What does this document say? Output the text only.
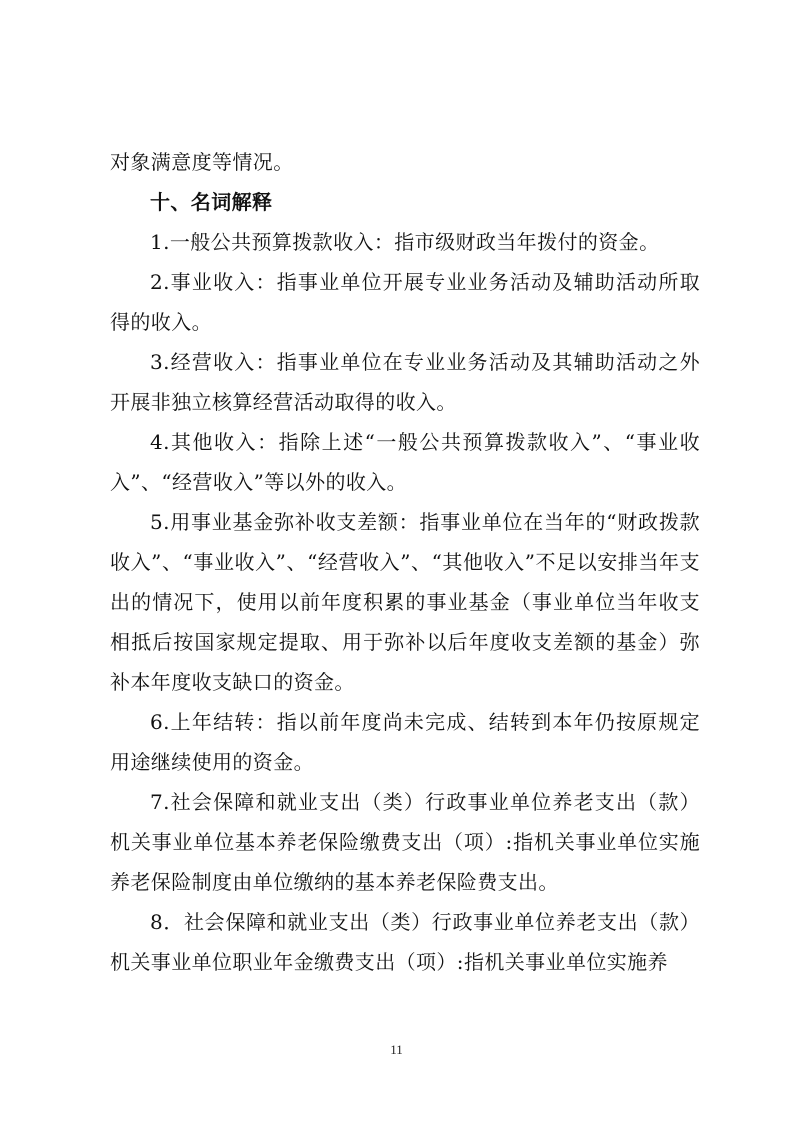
对象满意度等情况。

十、名词解释

1.一般公共预算拨款收入：指市级财政当年拨付的资金。

2.事业收入：指事业单位开展专业业务活动及辅助活动所取得的收入。

3.经营收入：指事业单位在专业业务活动及其辅助活动之外开展非独立核算经营活动取得的收入。

4.其他收入：指除上述“一般公共预算拨款收入”、“事业收入”、“经营收入”等以外的收入。

5.用事业基金弥补收支差额：指事业单位在当年的“财政拨款收入”、“事业收入”、“经营收入”、“其他收入”不足以安排当年支出的情况下，使用以前年度积累的事业基金（事业单位当年收支相抵后按国家规定提取、用于弥补以后年度收支差额的基金）弥补本年度收支缺口的资金。

6.上年结转：指以前年度尚未完成、结转到本年仍按原规定用途继续使用的资金。

7.社会保障和就业支出（类）行政事业单位养老支出（款）机关事业单位基本养老保险缴费支出（项）:指机关事业单位实施养老保险制度由单位缴纳的基本养老保险费支出。

8．社会保障和就业支出（类）行政事业单位养老支出（款）机关事业单位职业年金缴费支出（项）:指机关事业单位实施养

11
